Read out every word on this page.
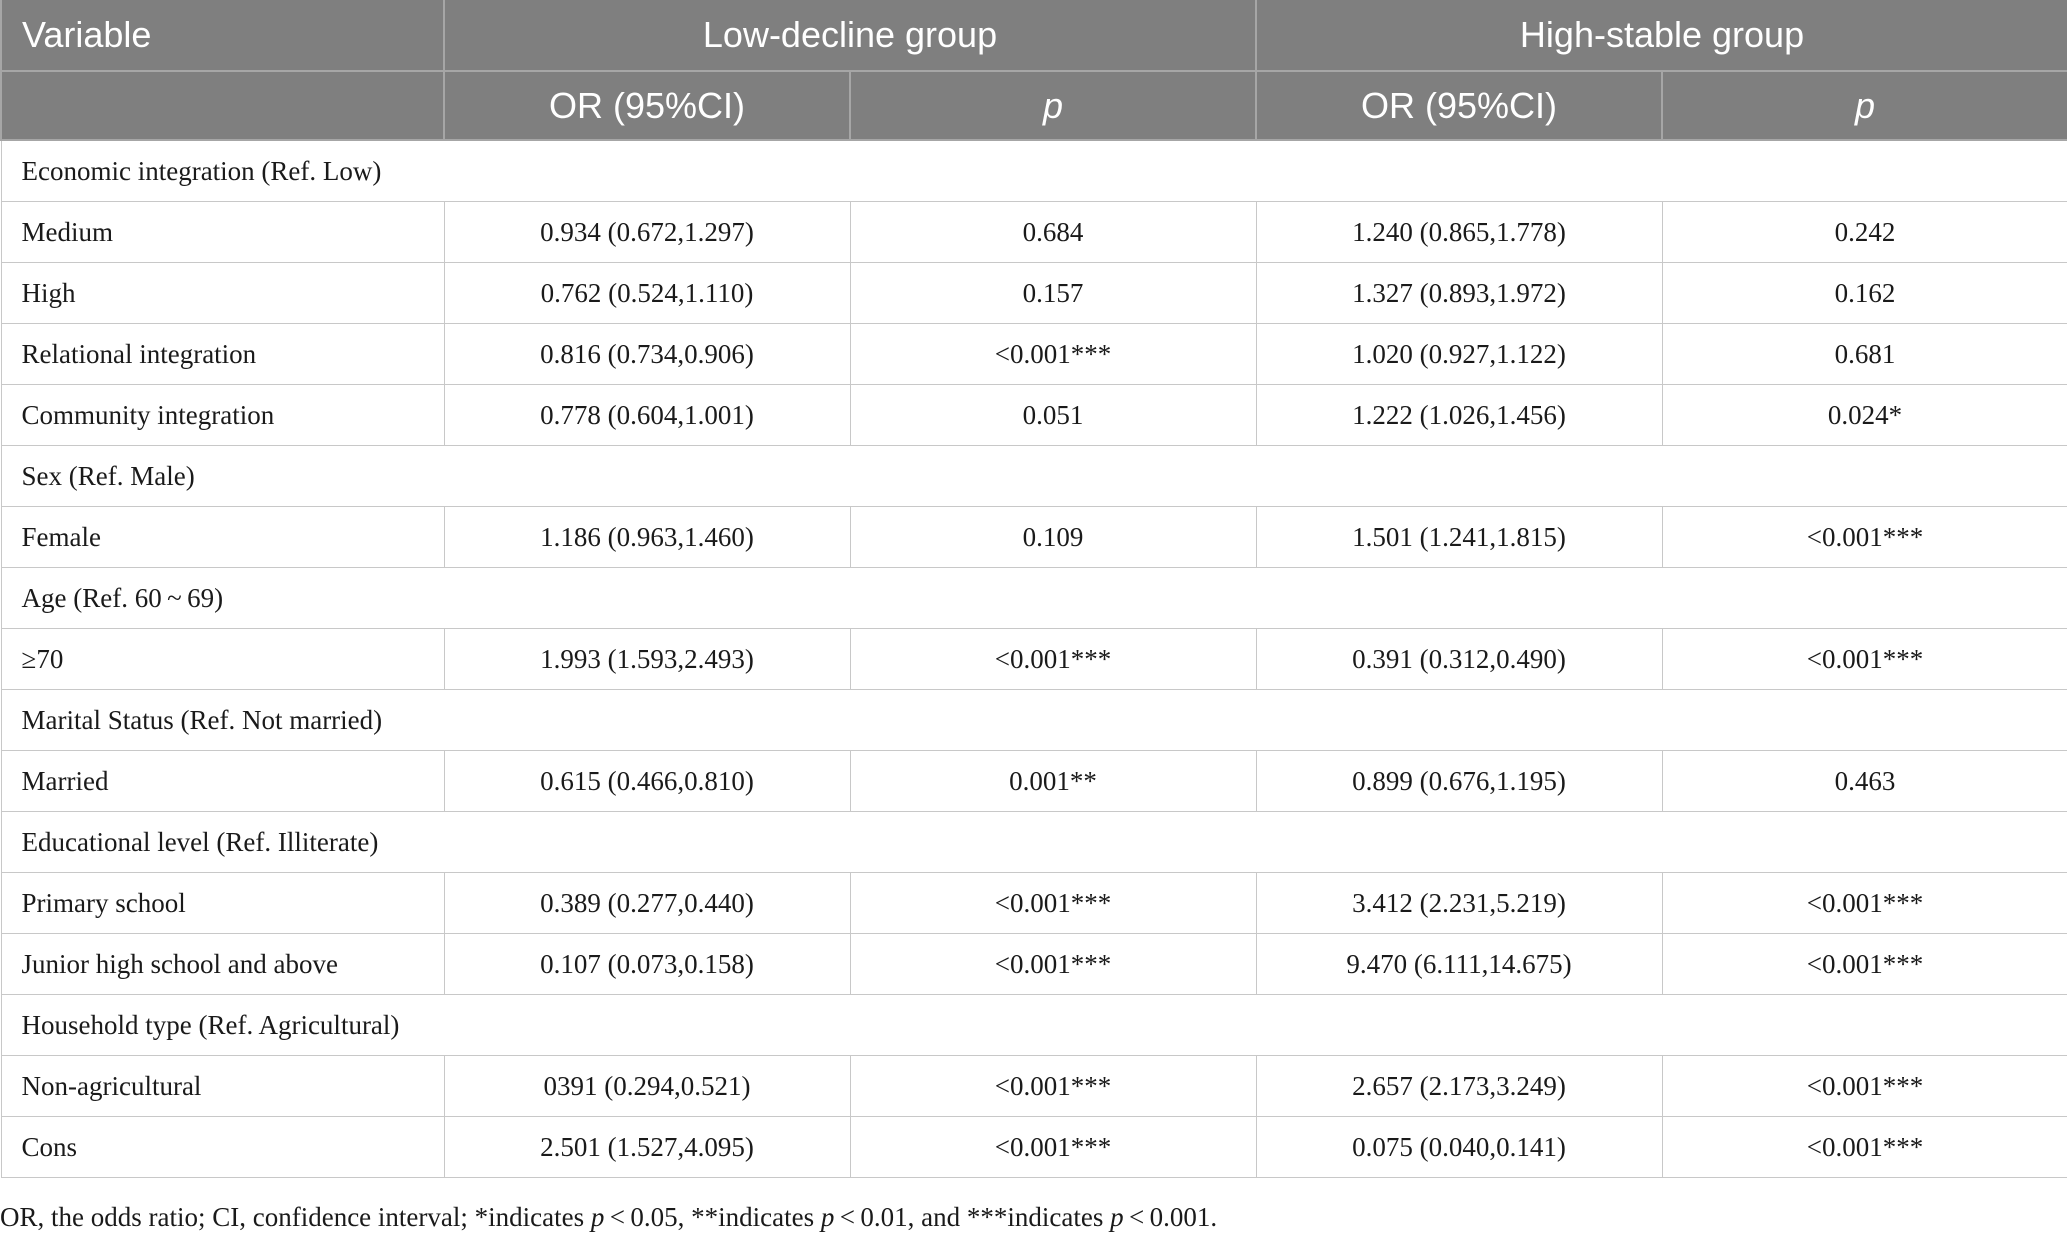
Variable	Low-decline group		High-stable group	
	OR (95%CI)	p	OR (95%CI)	p
Economic integration (Ref. Low)				
Medium	0.934 (0.672,1.297)	0.684	1.240 (0.865,1.778)	0.242
High	0.762 (0.524,1.110)	0.157	1.327 (0.893,1.972)	0.162
Relational integration	0.816 (0.734,0.906)	<0.001***	1.020 (0.927,1.122)	0.681
Community integration	0.778 (0.604,1.001)	0.051	1.222 (1.026,1.456)	0.024*
Sex (Ref. Male)				
Female	1.186 (0.963,1.460)	0.109	1.501 (1.241,1.815)	<0.001***
Age (Ref. 60 ~ 69)				
≥70	1.993 (1.593,2.493)	<0.001***	0.391 (0.312,0.490)	<0.001***
Marital Status (Ref. Not married)				
Married	0.615 (0.466,0.810)	0.001**	0.899 (0.676,1.195)	0.463
Educational level (Ref. Illiterate)				
Primary school	0.389 (0.277,0.440)	<0.001***	3.412 (2.231,5.219)	<0.001***
Junior high school and above	0.107 (0.073,0.158)	<0.001***	9.470 (6.111,14.675)	<0.001***
Household type (Ref. Agricultural)				
Non-agricultural	0391 (0.294,0.521)	<0.001***	2.657 (2.173,3.249)	<0.001***
Cons	2.501 (1.527,4.095)	<0.001***	0.075 (0.040,0.141)	<0.001***
OR, the odds ratio; CI, confidence interval; *indicates p < 0.05, **indicates p < 0.01, and ***indicates p < 0.001.
